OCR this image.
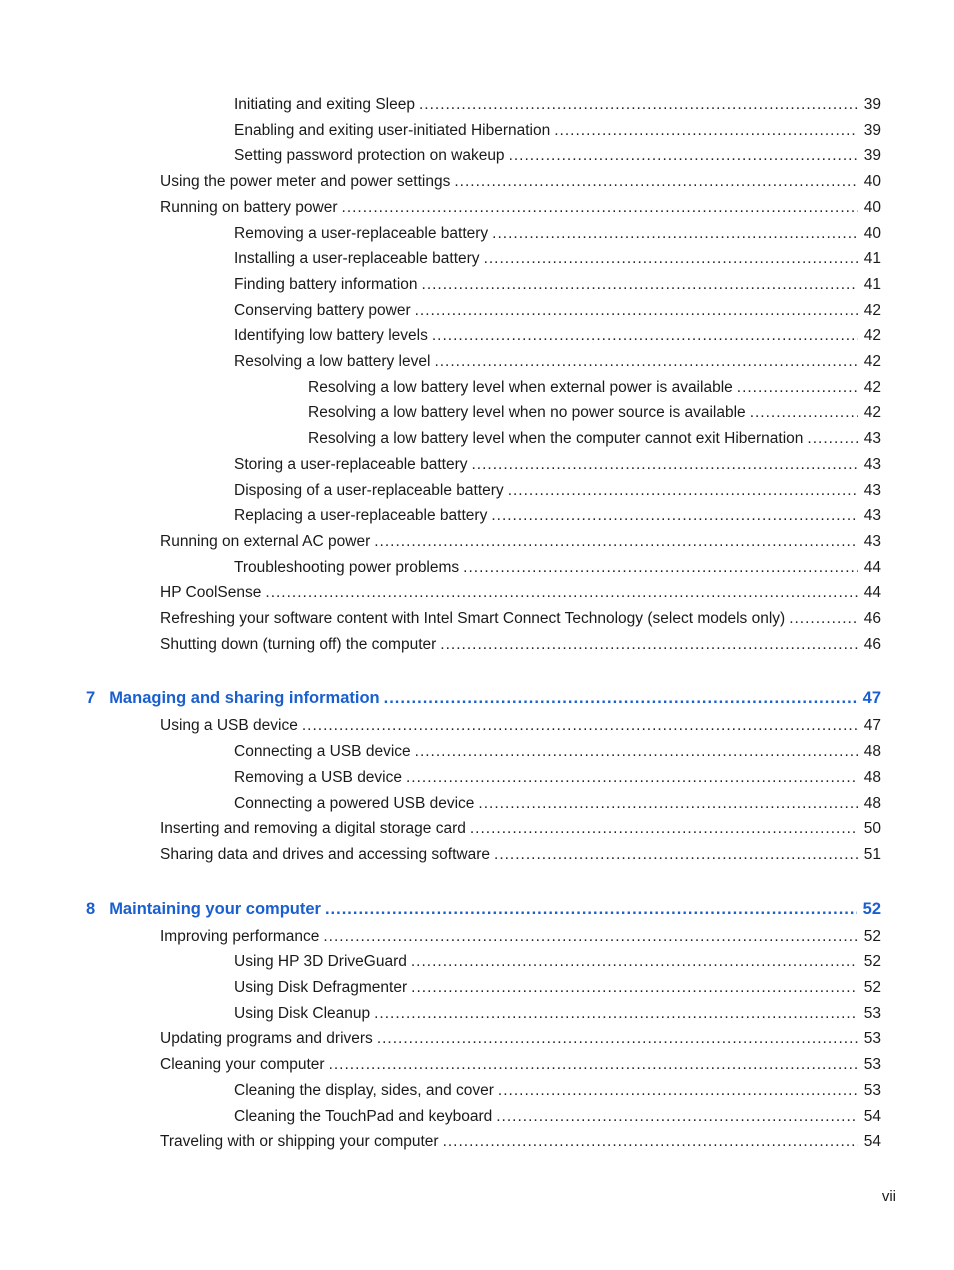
Initiating and exiting Sleep .....	39
Enabling and exiting user-initiated Hibernation .....	39
Setting password protection on wakeup .....	39
Using the power meter and power settings .....	40
Running on battery power .....	40
Removing a user-replaceable battery .....	40
Installing a user-replaceable battery .....	41
Finding battery information .....	41
Conserving battery power .....	42
Identifying low battery levels .....	42
Resolving a low battery level .....	42
Resolving a low battery level when external power is available .....	42
Resolving a low battery level when no power source is available .....	42
Resolving a low battery level when the computer cannot exit Hibernation .....	43
Storing a user-replaceable battery .....	43
Disposing of a user-replaceable battery .....	43
Replacing a user-replaceable battery .....	43
Running on external AC power .....	43
Troubleshooting power problems .....	44
HP CoolSense .....	44
Refreshing your software content with Intel Smart Connect Technology (select models only) .....	46
Shutting down (turning off) the computer .....	46
7 Managing and sharing information .....	47
Using a USB device .....	47
Connecting a USB device .....	48
Removing a USB device .....	48
Connecting a powered USB device .....	48
Inserting and removing a digital storage card .....	50
Sharing data and drives and accessing software .....	51
8 Maintaining your computer .....	52
Improving performance .....	52
Using HP 3D DriveGuard .....	52
Using Disk Defragmenter .....	52
Using Disk Cleanup .....	53
Updating programs and drivers .....	53
Cleaning your computer .....	53
Cleaning the display, sides, and cover .....	53
Cleaning the TouchPad and keyboard .....	54
Traveling with or shipping your computer .....	54
vii
